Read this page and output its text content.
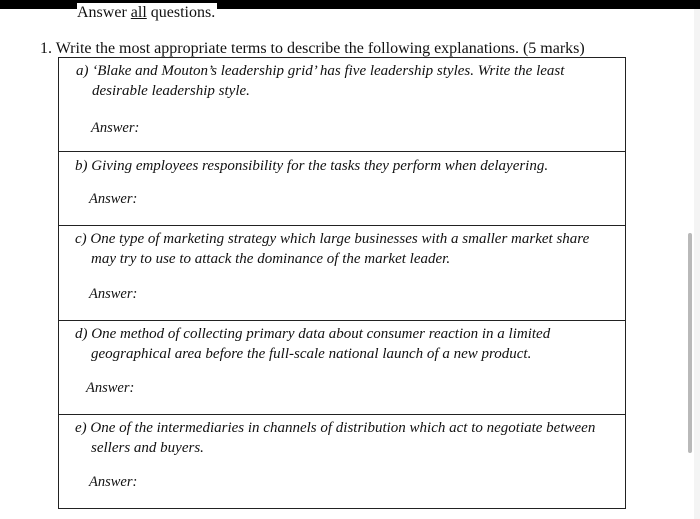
Answer all questions.
1. Write the most appropriate terms to describe the following explanations. (5 marks)

a) ‘Blake and Mouton’s leadership grid’ has five leadership styles. Write the least desirable leadership style.

Answer:

b) Giving employees responsibility for the tasks they perform when delayering.

Answer:

c) One type of marketing strategy which large businesses with a smaller market share may try to use to attack the dominance of the market leader.

Answer:

d) One method of collecting primary data about consumer reaction in a limited geographical area before the full-scale national launch of a new product.

Answer:

e) One of the intermediaries in channels of distribution which act to negotiate between sellers and buyers.

Answer:
